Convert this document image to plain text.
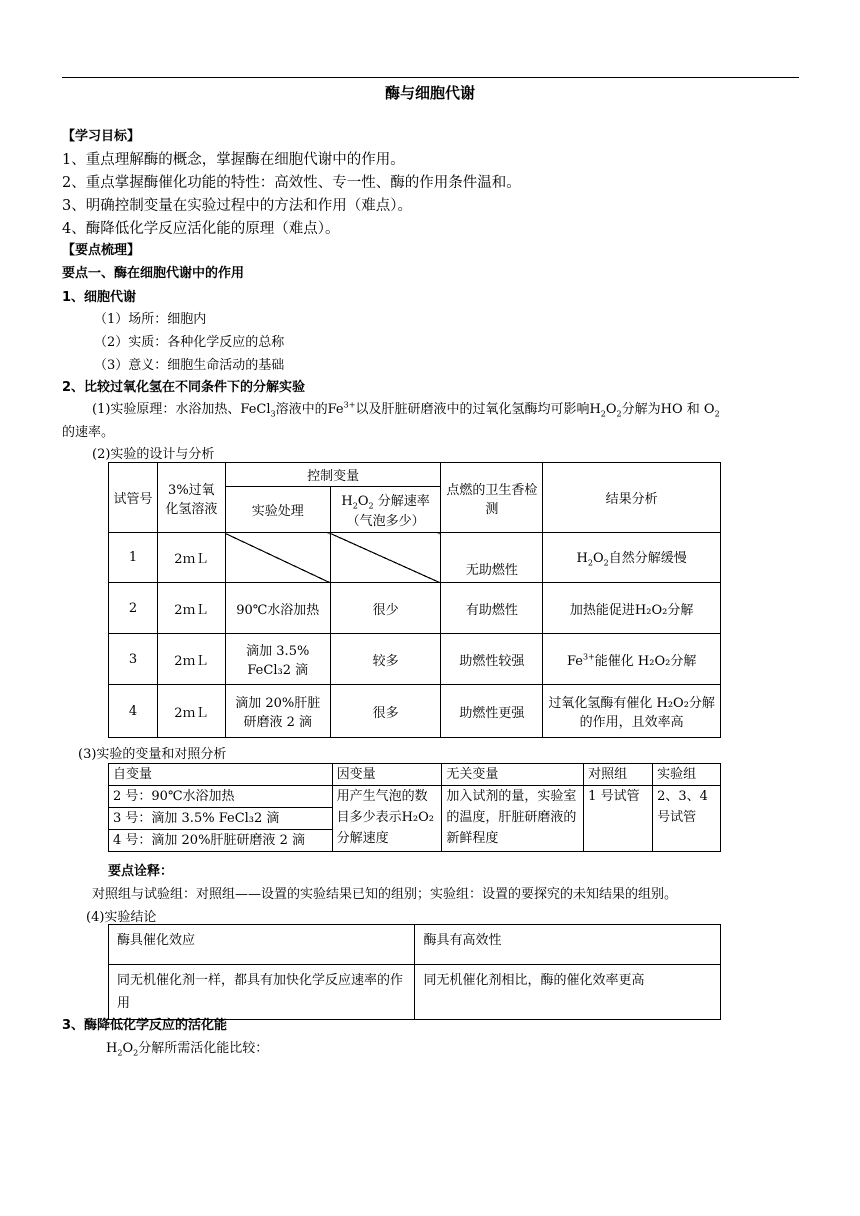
酶与细胞代谢
【学习目标】
1、重点理解酶的概念，掌握酶在细胞代谢中的作用。
2、重点掌握酶催化功能的特性：高效性、专一性、酶的作用条件温和。
3、明确控制变量在实验过程中的方法和作用（难点）。
4、酶降低化学反应活化能的原理（难点）。
【要点梳理】
要点一、酶在细胞代谢中的作用
1、细胞代谢
（1）场所：细胞内
（2）实质：各种化学反应的总称
（3）意义：细胞生命活动的基础
2、比较过氧化氢在不同条件下的分解实验
(1)实验原理：水浴加热、FeCl$_3$溶液中的$Fe^{3+}$以及肝脏研磨液中的过氧化氢酶均可影响$H_2O_2$分解为HO 和 $O_2$
的速率。
(2)实验的设计与分析
试管号	3%过氧化氢溶液	控制变量		点燃的卫生香检测	结果分析
		实验处理	$H_2O_2$ 分解速率（气泡多少）		
1	2ｍＬ			无助燃性	$H_2O_2$自然分解缓慢
2	2ｍＬ	90℃水浴加热	很少	有助燃性	加热能促进H₂O₂分解
3	2ｍＬ	滴加 3.5% FeCl₃2 滴	较多	助燃性较强	$Fe^{3+}$能催化 H₂O₂分解
4	2ｍＬ	滴加 20%肝脏研磨液 2 滴	很多	助燃性更强	过氧化氢酶有催化 H₂O₂分解的作用，且效率高
(3)实验的变量和对照分析
自变量	因变量	无关变量	对照组	实验组
2 号：90℃水浴加热	用产生气泡的数目多少表示H₂O₂分解速度	加入试剂的量，实验室的温度，肝脏研磨液的新鲜程度	1 号试管	2、3、4 号试管
3 号：滴加 3.5% FeCl₃2 滴				
4 号：滴加 20%肝脏研磨液 2 滴				
要点诠释：
对照组与试验组：对照组——设置的实验结果已知的组别；实验组：设置的要探究的未知结果的组别。
(4)实验结论
酶具催化效应	酶具有高效性
同无机催化剂一样，都具有加快化学反应速率的作用	同无机催化剂相比，酶的催化效率更高
3、酶降低化学反应的活化能
$H_2O_2$分解所需活化能比较：
